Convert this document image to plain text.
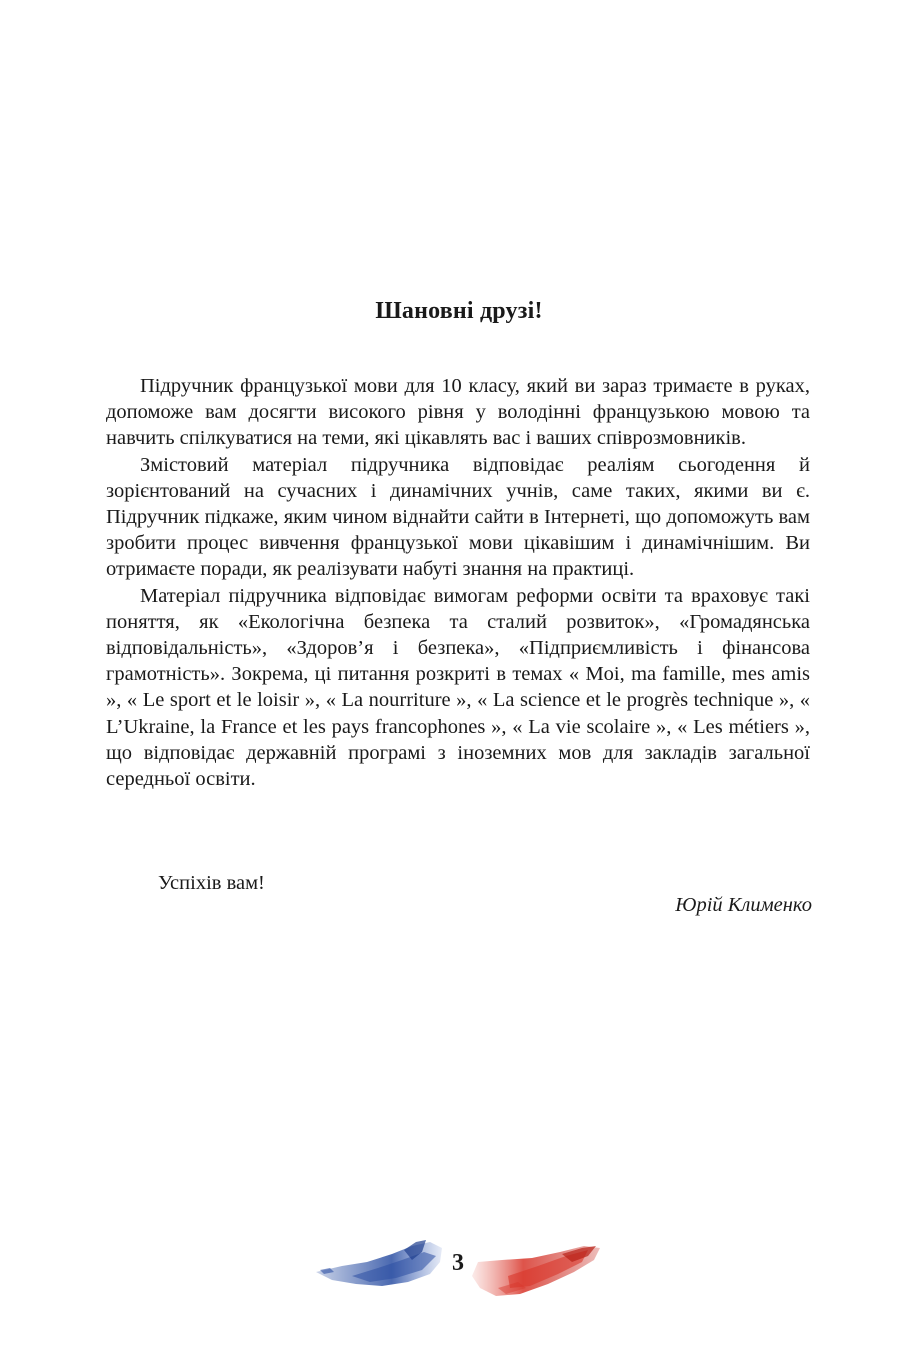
Шановні друзі!

Підручник французької мови для 10 класу, який ви зараз тримаєте в руках, допоможе вам досягти високого рівня у володінні французькою мовою та навчить спілкуватися на теми, які цікавлять вас і ваших співрозмовників.

Змістовий матеріал підручника відповідає реаліям сьогодення й зорієнтований на сучасних і динамічних учнів, саме таких, якими ви є. Підручник підкаже, яким чином віднайти сайти в Інтернеті, що допоможуть вам зробити процес вивчення французької мови цікавішим і динамічнішим. Ви отримаєте поради, як реалізувати набуті знання на практиці.

Матеріал підручника відповідає вимогам реформи освіти та враховує такі поняття, як «Екологічна безпека та сталий розвиток», «Громадянська відповідальність», «Здоров’я і безпека», «Підприємливість і фінансова грамотність». Зокрема, ці питання розкриті в темах « Moi, ma famille, mes amis », « Le sport et le loisir », « La nourriture », « La science et le progrès technique », « L’Ukraine, la France et les pays francophones », « La vie scolaire », « Les métiers », що відповідає державній програмі з іноземних мов для закладів загальної середньої освіти.

Успіхів вам!
Юрій Клименко
3
